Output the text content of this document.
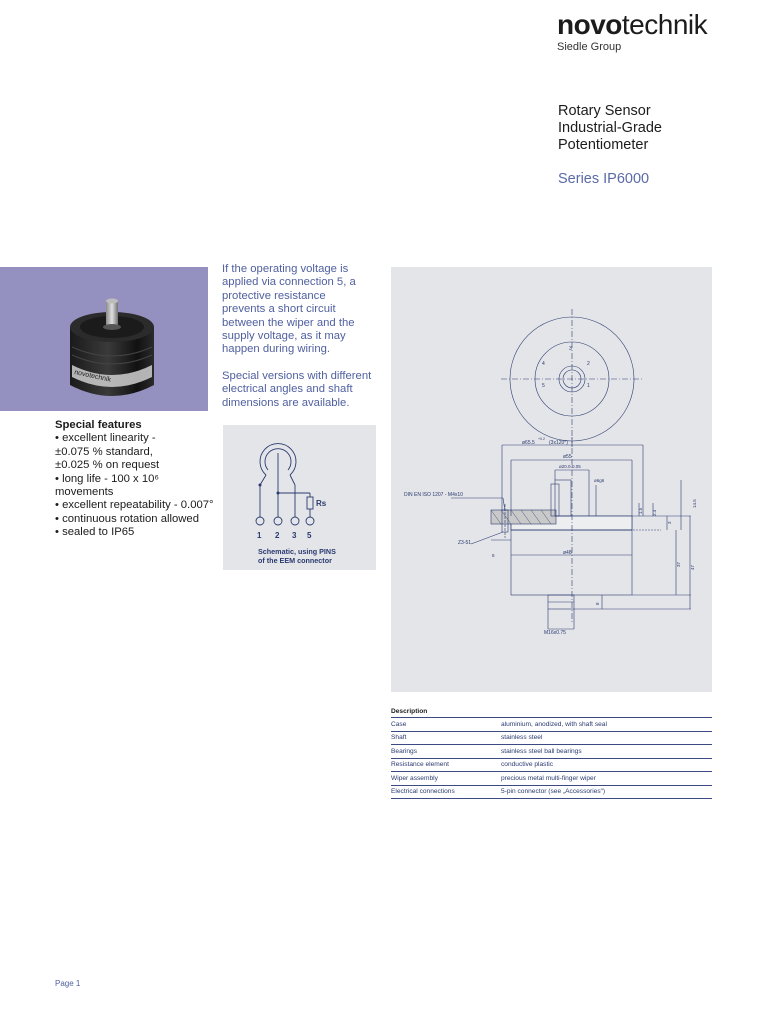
novotechnik
Siedle Group
Rotary Sensor
Industrial-Grade
Potentiometer
Series IP6000
novotechnik

If the operating voltage is applied via connection 5, a protective resistance prevents a short circuit between the wiper and the supply voltage, as it may happen during wiring.

Special versions with different electrical angles and shaft dimensions are available.

Special features
• excellent linearity -
±0.075 % standard,
±0.025 % on request
• long life - 100 x 10⁶ movements
• excellent repeatability - 0.007°
• continuous rotation allowed
• sealed to IP65
Rs
1 2 3 5
Schematic, using PINS
of the EEM connector
3
2
4
5	1
ø65.5
+0.2
(3x120°)
ø55
ø20.0-0.05
ø6g6
DIN EN ISO 1207 - M4x10
Z3-51
8	ø48
M16x0.75
8
1.5 2.4
3
14.5
37
47
Description	
Case	aluminium, anodized, with shaft seal
Shaft	stainless steel
Bearings	stainless steel ball bearings
Resistance element	conductive plastic
Wiper assembly	precious metal multi-finger wiper
Electrical connections	5-pin connector (see „Accessories“)
Page 1
